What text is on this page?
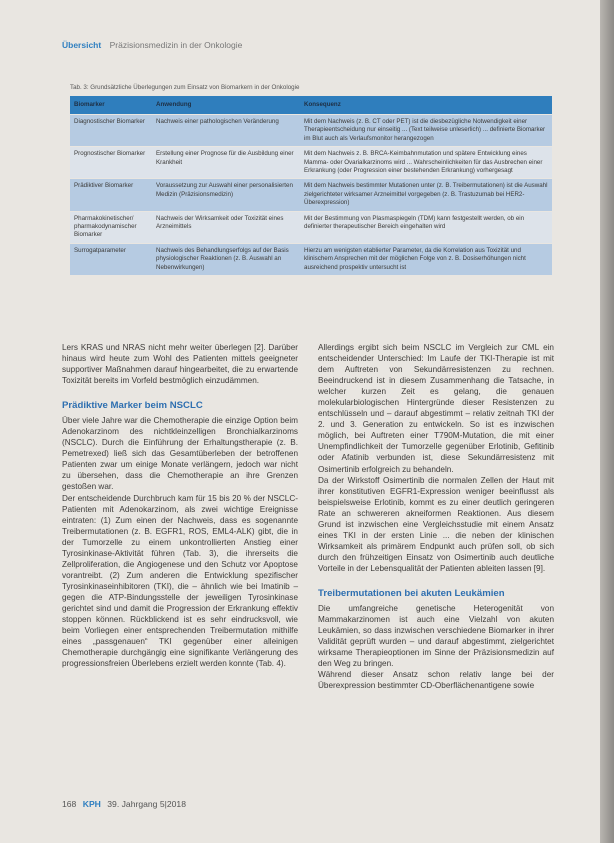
Übersicht Präzisionsmedizin in der Onkologie
Tab. 3: Grundsätzliche Überlegungen zum Einsatz von Biomarkern in der Onkologie
Biomarker	Anwendung	Konsequenz
Diagnostischer Biomarker	Nachweis einer pathologischen Veränderung	Mit dem Nachweis (z. B. CT oder PET) ist die diesbezügliche Notwendigkeit einer Therapieentscheidung nur einseitig ... (Text teilweise unleserlich) ... definierte Biomarker im Blut auch als Verlaufsmonitor herangezogen
Prognostischer Biomarker	Erstellung einer Prognose für die Ausbildung einer Krankheit	Mit dem Nachweis z. B. BRCA-Keimbahnmutation und spätere Entwicklung eines Mamma- oder Ovarialkarzinoms wird ... Wahrscheinlichkeiten für das Ausbrechen einer Erkrankung (oder Progression einer bestehenden Erkrankung) vorhergesagt
Prädiktiver Biomarker	Voraussetzung zur Auswahl einer personalisierten Medizin (Präzisionsmedizin)	Mit dem Nachweis bestimmter Mutationen unter (z. B. Treibermutationen) ist die Auswahl zielgerichteter wirksamer Arzneimittel vorgegeben (z. B. Trastuzumab bei HER2-Überexpression)
Pharmakokinetischer/ pharmakodynamischer Biomarker	Nachweis der Wirksamkeit oder Toxizität eines Arzneimittels	Mit der Bestimmung von Plasmaspiegeln (TDM) kann festgestellt werden, ob ein definierter therapeutischer Bereich eingehalten wird
Surrogatparameter	Nachweis des Behandlungserfolgs auf der Basis physiologischer Reaktionen (z. B. Auswahl an Nebenwirkungen)	Hierzu am wenigsten etablierter Parameter, da die Korrelation aus Toxizität und klinischem Ansprechen mit der möglichen Folge von z. B. Dosiserhöhungen nicht ausreichend prospektiv untersucht ist

Lers KRAS und NRAS nicht mehr weiter überlegen [2]. Darüber hinaus wird heute zum Wohl des Patienten mittels geeigneter supportiver Maßnahmen darauf hingearbeitet, die zu erwartende Toxizität bereits im Vorfeld bestmöglich einzudämmen.

Prädiktive Marker beim NSCLC

Über viele Jahre war die Chemotherapie die einzige Option beim Adenokarzinom des nichtkleinzelligen Bronchialkarzinoms (NSCLC). Durch die Einführung der Erhaltungstherapie (z. B. Pemetrexed) ließ sich das Gesamtüberleben der betroffenen Patienten zwar um einige Monate verlängern, jedoch war nicht zu übersehen, dass die Chemotherapie an ihre Grenzen gestoßen war.

Der entscheidende Durchbruch kam für 15 bis 20 % der NSCLC-Patienten mit Adenokarzinom, als zwei wichtige Ereignisse eintraten: (1) Zum einen der Nachweis, dass es sogenannte Treibermutationen (z. B. EGFR1, ROS, EML4-ALK) gibt, die in der Tumorzelle zu einem unkontrollierten Anstieg einer Tyrosinkinase-Aktivität führen (Tab. 3), die ihrerseits die Zellproliferation, die Angiogenese und den Schutz vor Apoptose vorantreibt. (2) Zum anderen die Entwicklung spezifischer Tyrosinkinaseinhibitoren (TKI), die – ähnlich wie bei Imatinib – gegen die ATP-Bindungsstelle der jeweiligen Tyrosinkinase gerichtet sind und damit die Progression der Erkrankung effektiv stoppen können. Rückblickend ist es sehr eindrucksvoll, wie beim Vorliegen einer entsprechenden Treibermutation mithilfe eines „passgenauen“ TKI gegenüber einer alleinigen Chemotherapie durchgängig eine signifikante Verlängerung des progressionsfreien Überlebens erzielt werden konnte (Tab. 4).

Allerdings ergibt sich beim NSCLC im Vergleich zur CML ein entscheidender Unterschied: Im Laufe der TKI-Therapie ist mit dem Auftreten von Sekundärresistenzen zu rechnen. Beeindruckend ist in diesem Zusammenhang die Tatsache, in welcher kurzen Zeit es gelang, die genauen molekularbiologischen Hintergründe dieser Resistenzen zu entschlüsseln und – darauf abgestimmt – relativ zeitnah TKI der 2. und 3. Generation zu entwickeln. So ist es inzwischen möglich, bei Auftreten einer T790M-Mutation, die mit einer Unempfindlichkeit der Tumorzelle gegenüber Erlotinib, Gefitinib oder Afatinib verbunden ist, diese Sekundärresistenz mit Osimertinib erfolgreich zu behandeln.

Da der Wirkstoff Osimertinib die normalen Zellen der Haut mit ihrer konstitutiven EGFR1-Expression weniger beeinflusst als beispielsweise Erlotinib, kommt es zu einer deutlich geringeren Rate an schwereren akneiformen Reaktionen. Aus diesem Grund ist inzwischen eine Vergleichsstudie mit einem Ansatz eines TKI in der ersten Linie ... die neben der klinischen Wirksamkeit als primärem Endpunkt auch prüfen soll, ob sich durch den frühzeitigen Einsatz von Osimertinib auch deutliche Vorteile in der Lebensqualität der Patienten ableiten lassen [9].

Treibermutationen bei akuten Leukämien

Die umfangreiche genetische Heterogenität von Mammakarzinomen ist auch eine Vielzahl von akuten Leukämien, so dass inzwischen verschiedene Biomarker in ihrer Validität geprüft wurden – und darauf abgestimmt, zielgerichtet wirksame Therapieoptionen im Sinne der Präzisionsmedizin auf den Weg zu bringen.

Während dieser Ansatz schon relativ lange bei der Überexpression bestimmter CD-Oberflächenantigene sowie

168 KPH 39. Jahrgang 5|2018
